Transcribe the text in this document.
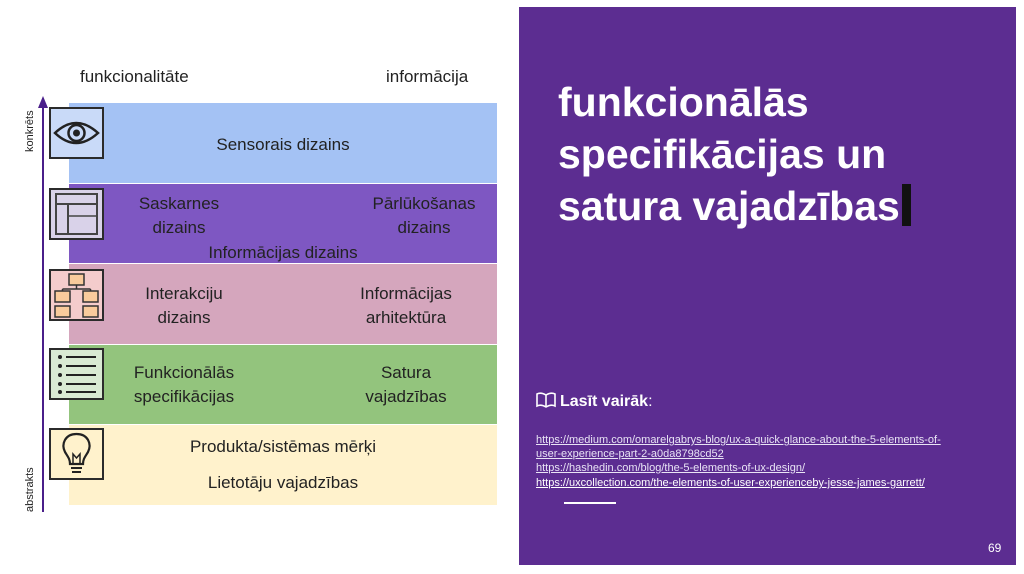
funkcionalitāte	informācija
konkrēts
abstrakts
Sensorais dizains
Saskarnes
dizains
Pārlūkošanas
dizains
Informācijas dizains
Interakciju
dizains
Informācijas
arhitektūra
Funkcionālās
specifikācijas
Satura
vajadzības
Produkta/sistēmas mērķi
Lietotāju vajadzības
funkcionālās
specifikācijas un
satura vajadzības
Lasīt vairāk:
https://medium.com/omarelgabrys-blog/ux-a-quick-glance-about-the-5-elements-of-
user-experience-part-2-a0da8798cd52
https://hashedin.com/blog/the-5-elements-of-ux-design/
https://uxcollection.com/the-elements-of-user-experienceby-jesse-james-garrett/
69
